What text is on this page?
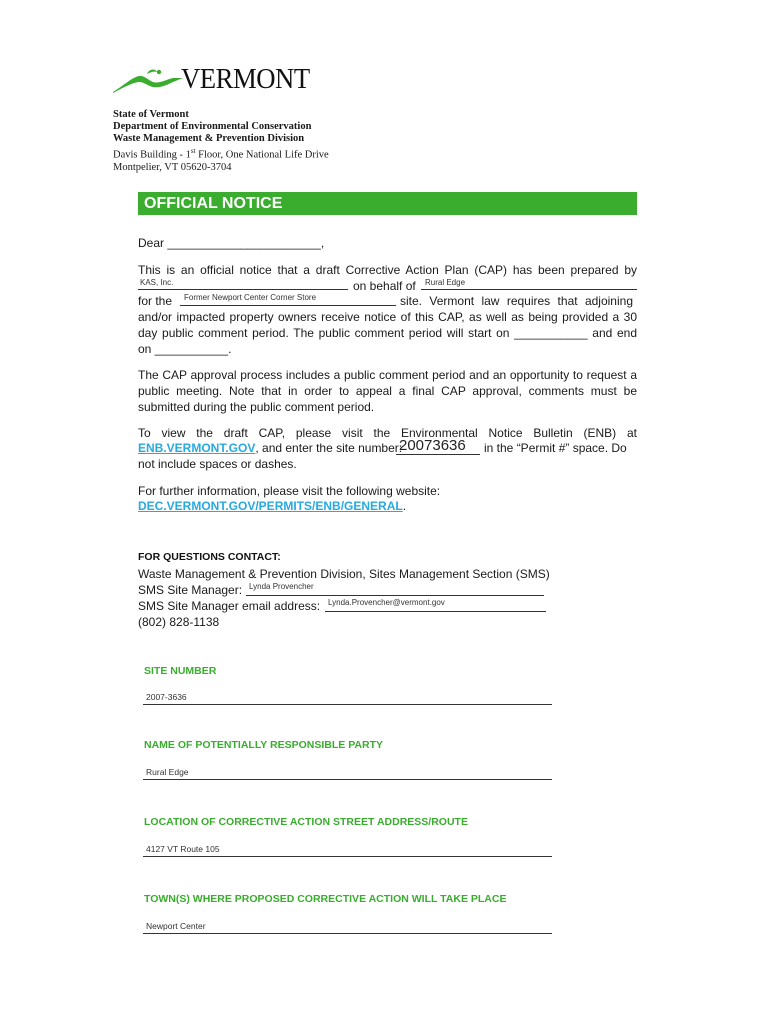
VERMONT
State of Vermont
Department of Environmental Conservation
Waste Management & Prevention Division
Davis Building - 1st Floor, One National Life Drive
Montpelier, VT 05620-3704
OFFICIAL NOTICE
Dear _______________________,
This is an official notice that a draft Corrective Action Plan (CAP) has been prepared by
KAS, Inc.	on behalf of Rural Edge
for the Former Newport Center Corner Store	site. Vermont law requires that adjoining
and/or impacted property owners receive notice of this CAP, as well as being provided a 30
day public comment period. The public comment period will start on ___________ and end
on ___________.
The CAP approval process includes a public comment period and an opportunity to request a
public meeting. Note that in order to appeal a final CAP approval, comments must be
submitted during the public comment period.
To view the draft CAP, please visit the Environmental Notice Bulletin (ENB) at
ENB.VERMONT.GOV, and enter the site number:
20073636 in the “Permit #” space. Do
not include spaces or dashes.
For further information, please visit the following website:
DEC.VERMONT.GOV/PERMITS/ENB/GENERAL.
FOR QUESTIONS CONTACT:
Waste Management & Prevention Division, Sites Management Section (SMS)
SMS Site Manager: Lynda Provencher
SMS Site Manager email address: Lynda.Provencher@vermont.gov
(802) 828-1138
SITE NUMBER
2007-3636
NAME OF POTENTIALLY RESPONSIBLE PARTY
Rural Edge
LOCATION OF CORRECTIVE ACTION STREET ADDRESS/ROUTE
4127 VT Route 105
TOWN(S) WHERE PROPOSED CORRECTIVE ACTION WILL TAKE PLACE
Newport Center
